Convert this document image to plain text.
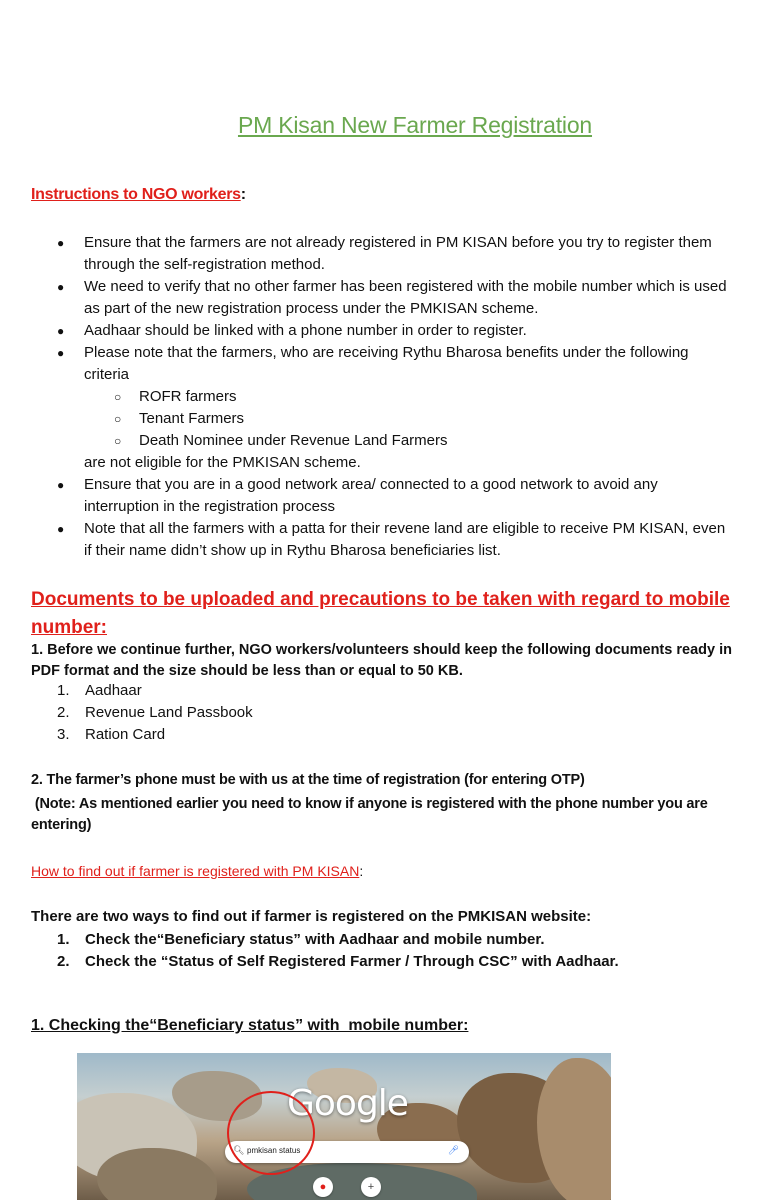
PM Kisan New Farmer Registration
Instructions to NGO workers:
● Ensure that the farmers are not already registered in PM KISAN before you try to register them through the self-registration method.
● We need to verify that no other farmer has been registered with the mobile number which is used as part of the new registration process under the PMKISAN scheme.
● Aadhaar should be linked with a phone number in order to register.
● Please note that the farmers, who are receiving Rythu Bharosa benefits under the following criteria
○ ROFR farmers
○ Tenant Farmers
○ Death Nominee under Revenue Land Farmers
are not eligible for the PMKISAN scheme.
● Ensure that you are in a good network area/ connected to a good network to avoid any interruption in the registration process
● Note that all the farmers with a patta for their revene land are eligible to receive PM KISAN, even if their name didn’t show up in Rythu Bharosa beneficiaries list.
Documents to be uploaded and precautions to be taken with regard to mobile number:
1. Before we continue further, NGO workers/volunteers should keep the following documents ready in PDF format and the size should be less than or equal to 50 KB.
1.	Aadhaar
2.	Revenue Land Passbook
3.	Ration Card
2. The farmer’s phone must be with us at the time of registration (for entering OTP)
(Note: As mentioned earlier you need to know if anyone is registered with the phone number you are entering)
How to find out if farmer is registered with PM KISAN:
There are two ways to find out if farmer is registered on the PMKISAN website:
1. Check the“Beneficiary status” with Aadhaar and mobile number.
2. Check the “Status of Self Registered Farmer / Through CSC” with Aadhaar.
1. Checking the“Beneficiary status” with  mobile number:
Google
🔍︎ pmkisan status	🎤︎
●	+
